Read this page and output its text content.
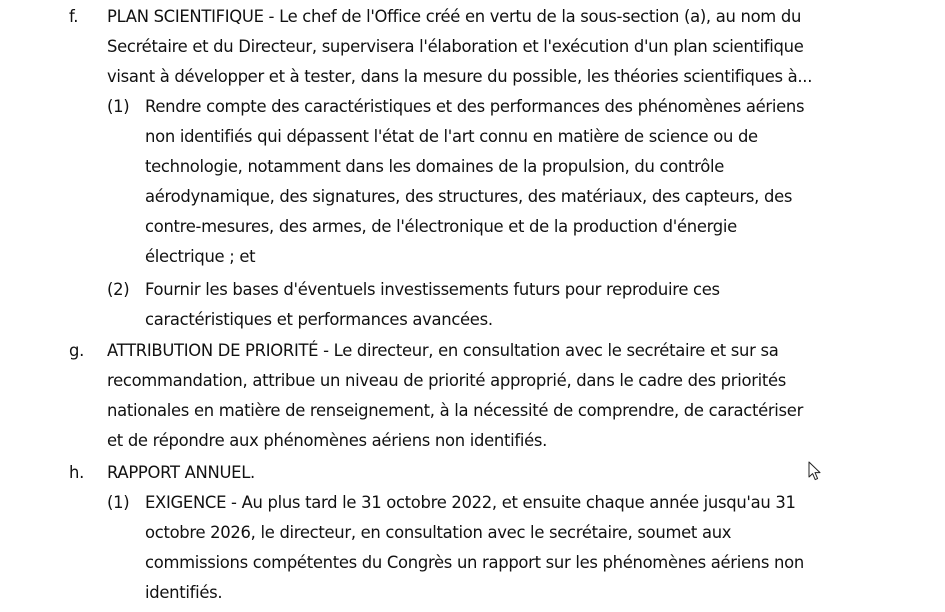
f. PLAN SCIENTIFIQUE - Le chef de l'Office créé en vertu de la sous-section (a), au nom du
Secrétaire et du Directeur, supervisera l'élaboration et l'exécution d'un plan scientifique
visant à développer et à tester, dans la mesure du possible, les théories scientifiques à...
(1) Rendre compte des caractéristiques et des performances des phénomènes aériens
non identifiés qui dépassent l'état de l'art connu en matière de science ou de
technologie, notamment dans les domaines de la propulsion, du contrôle
aérodynamique, des signatures, des structures, des matériaux, des capteurs, des
contre-mesures, des armes, de l'électronique et de la production d'énergie
électrique ; et
(2) Fournir les bases d'éventuels investissements futurs pour reproduire ces
caractéristiques et performances avancées.
g. ATTRIBUTION DE PRIORITÉ - Le directeur, en consultation avec le secrétaire et sur sa
recommandation, attribue un niveau de priorité approprié, dans le cadre des priorités
nationales en matière de renseignement, à la nécessité de comprendre, de caractériser
et de répondre aux phénomènes aériens non identifiés.
h. RAPPORT ANNUEL.
(1) EXIGENCE - Au plus tard le 31 octobre 2022, et ensuite chaque année jusqu'au 31
octobre 2026, le directeur, en consultation avec le secrétaire, soumet aux
commissions compétentes du Congrès un rapport sur les phénomènes aériens non
identifiés.
